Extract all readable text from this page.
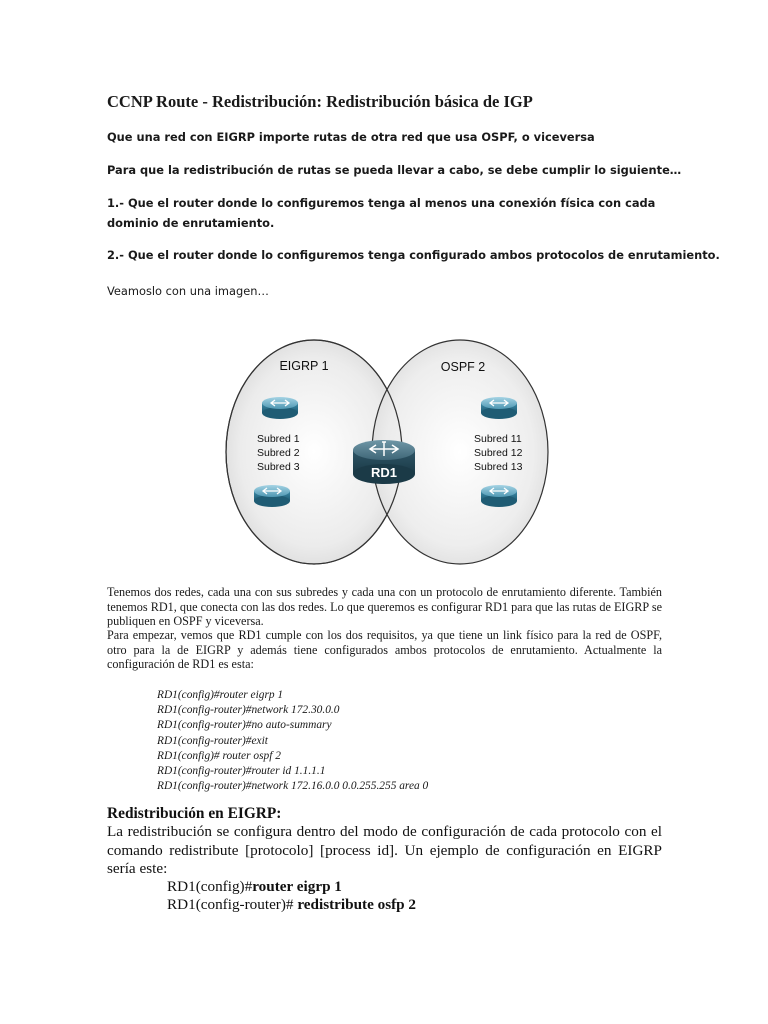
CCNP Route - Redistribución: Redistribución básica de IGP
Que una red con EIGRP importe rutas de otra red que usa OSPF, o viceversa
Para que la redistribución de rutas se pueda llevar a cabo, se debe cumplir lo siguiente…
1.- Que el router donde lo configuremos tenga al menos una conexión física con cada dominio de enrutamiento.
2.- Que el router donde lo configuremos tenga configurado ambos protocolos de enrutamiento.
Veamoslo con una imagen…
EIGRP 1	OSPF 2
Subred 1
Subred 2
Subred 3
Subred 11
Subred 12
Subred 13
RD1
Tenemos dos redes, cada una con sus subredes y cada una con un protocolo de enrutamiento diferente. También tenemos RD1, que conecta con las dos redes. Lo que queremos es configurar RD1 para que las rutas de EIGRP se publiquen en OSPF y viceversa.
Para empezar, vemos que RD1 cumple con los dos requisitos, ya que tiene un link físico para la red de OSPF, otro para la de EIGRP y además tiene configurados ambos protocolos de enrutamiento. Actualmente la configuración de RD1 es esta:
RD1(config)#router eigrp 1
RD1(config-router)#network 172.30.0.0
RD1(config-router)#no auto-summary
RD1(config-router)#exit
RD1(config)# router ospf 2
RD1(config-router)#router id 1.1.1.1
RD1(config-router)#network 172.16.0.0 0.0.255.255 area 0
Redistribución en EIGRP:
La redistribución se configura dentro del modo de configuración de cada protocolo con el comando redistribute [protocolo] [process id]. Un ejemplo de configuración en EIGRP sería este:
RD1(config)#router eigrp 1
RD1(config-router)# redistribute osfp 2
